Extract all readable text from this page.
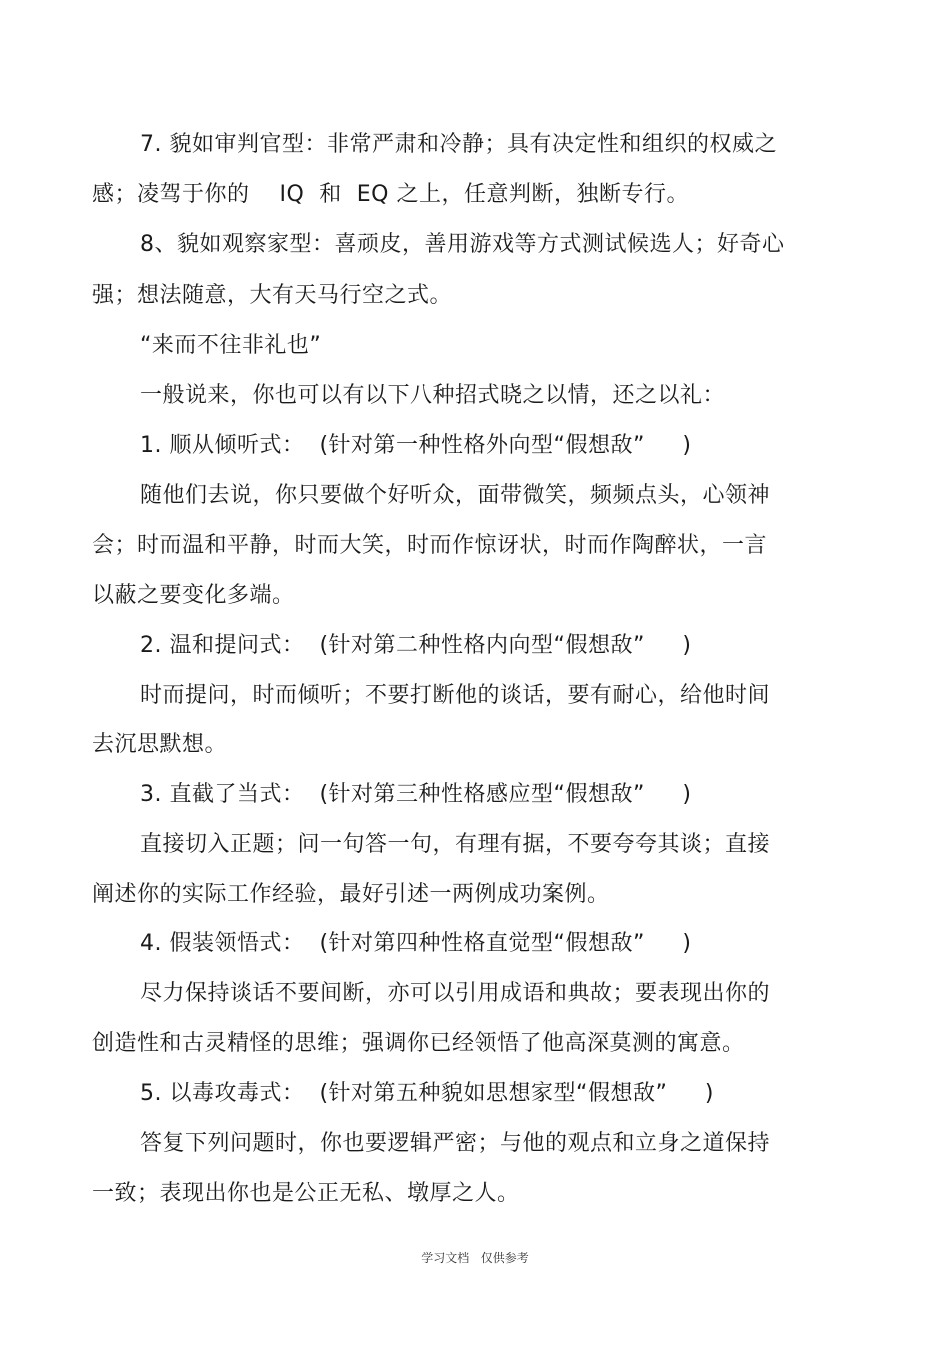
7. 貌如审判官型：非常严肃和冷静；具有决定性和组织的权威之
感；凌驾于你的    IQ  和  EQ 之上，任意判断，独断专行。
8、貌如观察家型：喜顽皮，善用游戏等方式测试候选人；好奇心
强；想法随意，大有天马行空之式。
“来而不往非礼也”
一般说来，你也可以有以下八种招式晓之以情，还之以礼：
1. 顺从倾听式：  (针对第一种性格外向型“假想敌”     )
随他们去说，你只要做个好听众，面带微笑，频频点头，心领神
会；时而温和平静，时而大笑，时而作惊讶状，时而作陶醉状，一言
以蔽之要变化多端。
2. 温和提问式：  (针对第二种性格内向型“假想敌”     )
时而提问，时而倾听；不要打断他的谈话，要有耐心，给他时间
去沉思默想。
3. 直截了当式：  (针对第三种性格感应型“假想敌”     )
直接切入正题；问一句答一句，有理有据，不要夸夸其谈；直接
阐述你的实际工作经验，最好引述一两例成功案例。
4. 假装领悟式：  (针对第四种性格直觉型“假想敌”     )
尽力保持谈话不要间断，亦可以引用成语和典故；要表现出你的
创造性和古灵精怪的思维；强调你已经领悟了他高深莫测的寓意。
5. 以毒攻毒式：  (针对第五种貌如思想家型“假想敌”     )
答复下列问题时，你也要逻辑严密；与他的观点和立身之道保持
一致；表现出你也是公正无私、墩厚之人。
学习文档   仅供参考
